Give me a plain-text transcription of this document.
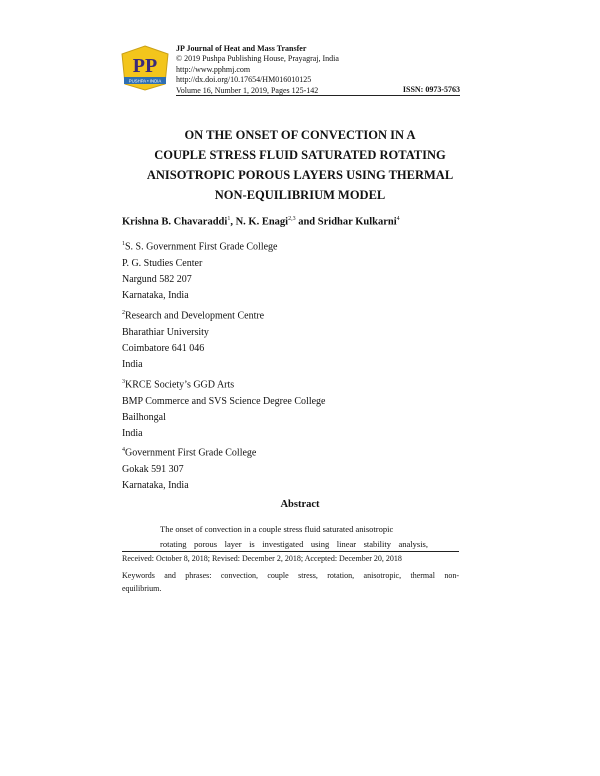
PP
PUSHPA • INDIA
JP Journal of Heat and Mass Transfer
© 2019 Pushpa Publishing House, Prayagraj, India
http://www.pphmj.com
http://dx.doi.org/10.17654/HM016010125
Volume 16, Number 1, 2019, Pages 125-142	ISSN: 0973-5763
ON THE ONSET OF CONVECTION IN A
COUPLE STRESS FLUID SATURATED ROTATING
ANISOTROPIC POROUS LAYERS USING THERMAL
NON-EQUILIBRIUM MODEL
Krishna B. Chavaraddi$^1$, N. K. Enagi$^{2,3}$ and Sridhar Kulkarni$^4$
$^1$S. S. Government First Grade College
P. G. Studies Center
Nargund 582 207
Karnataka, India
$^2$Research and Development Centre
Bharathiar University
Coimbatore 641 046
India
$^3$KRCE Society’s GGD Arts
BMP Commerce and SVS Science Degree College
Bailhongal
India
$^4$Government First Grade College
Gokak 591 307
Karnataka, India
Abstract
The onset of convection in a couple stress fluid saturated anisotropic
rotating porous layer is investigated using linear stability analysis,
Received: October 8, 2018; Revised: December 2, 2018; Accepted: December 20, 2018
Keywords and phrases: convection, couple stress, rotation, anisotropic, thermal non-
equilibrium.
